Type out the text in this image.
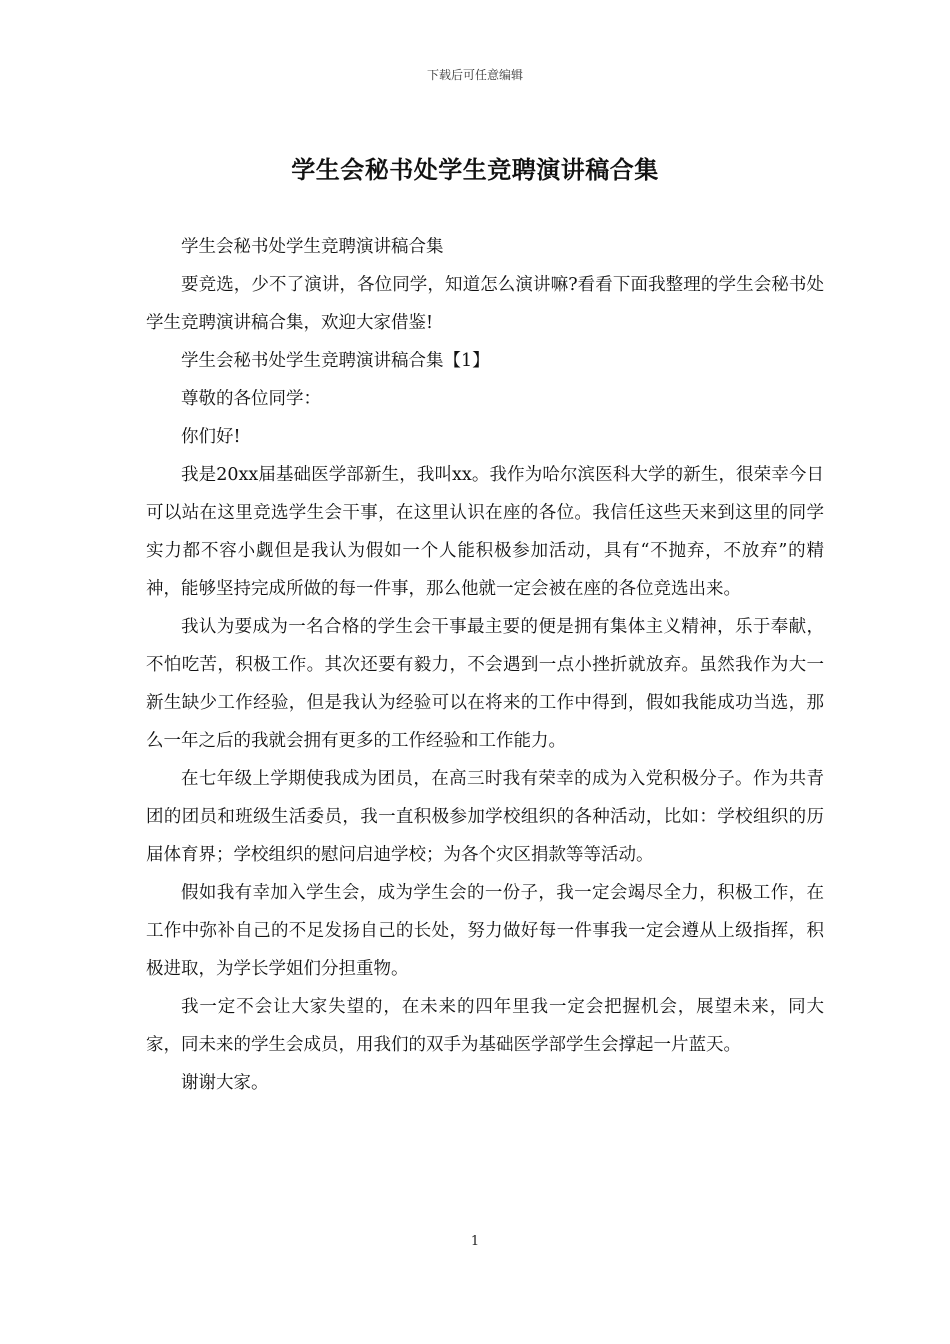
下载后可任意编辑
学生会秘书处学生竞聘演讲稿合集

学生会秘书处学生竞聘演讲稿合集

要竞选，少不了演讲，各位同学，知道怎么演讲嘛?看看下面我整理的学生会秘书处学生竞聘演讲稿合集，欢迎大家借鉴!

学生会秘书处学生竞聘演讲稿合集【1】

尊敬的各位同学：

你们好!

我是20xx届基础医学部新生，我叫xx。我作为哈尔滨医科大学的新生，很荣幸今日可以站在这里竞选学生会干事，在这里认识在座的各位。我信任这些天来到这里的同学实力都不容小觑但是我认为假如一个人能积极参加活动，具有“不抛弃，不放弃”的精神，能够坚持完成所做的每一件事，那么他就一定会被在座的各位竞选出来。

我认为要成为一名合格的学生会干事最主要的便是拥有集体主义精神，乐于奉献，不怕吃苦，积极工作。其次还要有毅力，不会遇到一点小挫折就放弃。虽然我作为大一新生缺少工作经验，但是我认为经验可以在将来的工作中得到，假如我能成功当选，那么一年之后的我就会拥有更多的工作经验和工作能力。

在七年级上学期使我成为团员，在高三时我有荣幸的成为入党积极分子。作为共青团的团员和班级生活委员，我一直积极参加学校组织的各种活动，比如：学校组织的历届体育界；学校组织的慰问启迪学校；为各个灾区捐款等等活动。

假如我有幸加入学生会，成为学生会的一份子，我一定会竭尽全力，积极工作，在工作中弥补自己的不足发扬自己的长处，努力做好每一件事我一定会遵从上级指挥，积极进取，为学长学姐们分担重物。

我一定不会让大家失望的，在未来的四年里我一定会把握机会，展望未来，同大家，同未来的学生会成员，用我们的双手为基础医学部学生会撑起一片蓝天。

谢谢大家。

1
